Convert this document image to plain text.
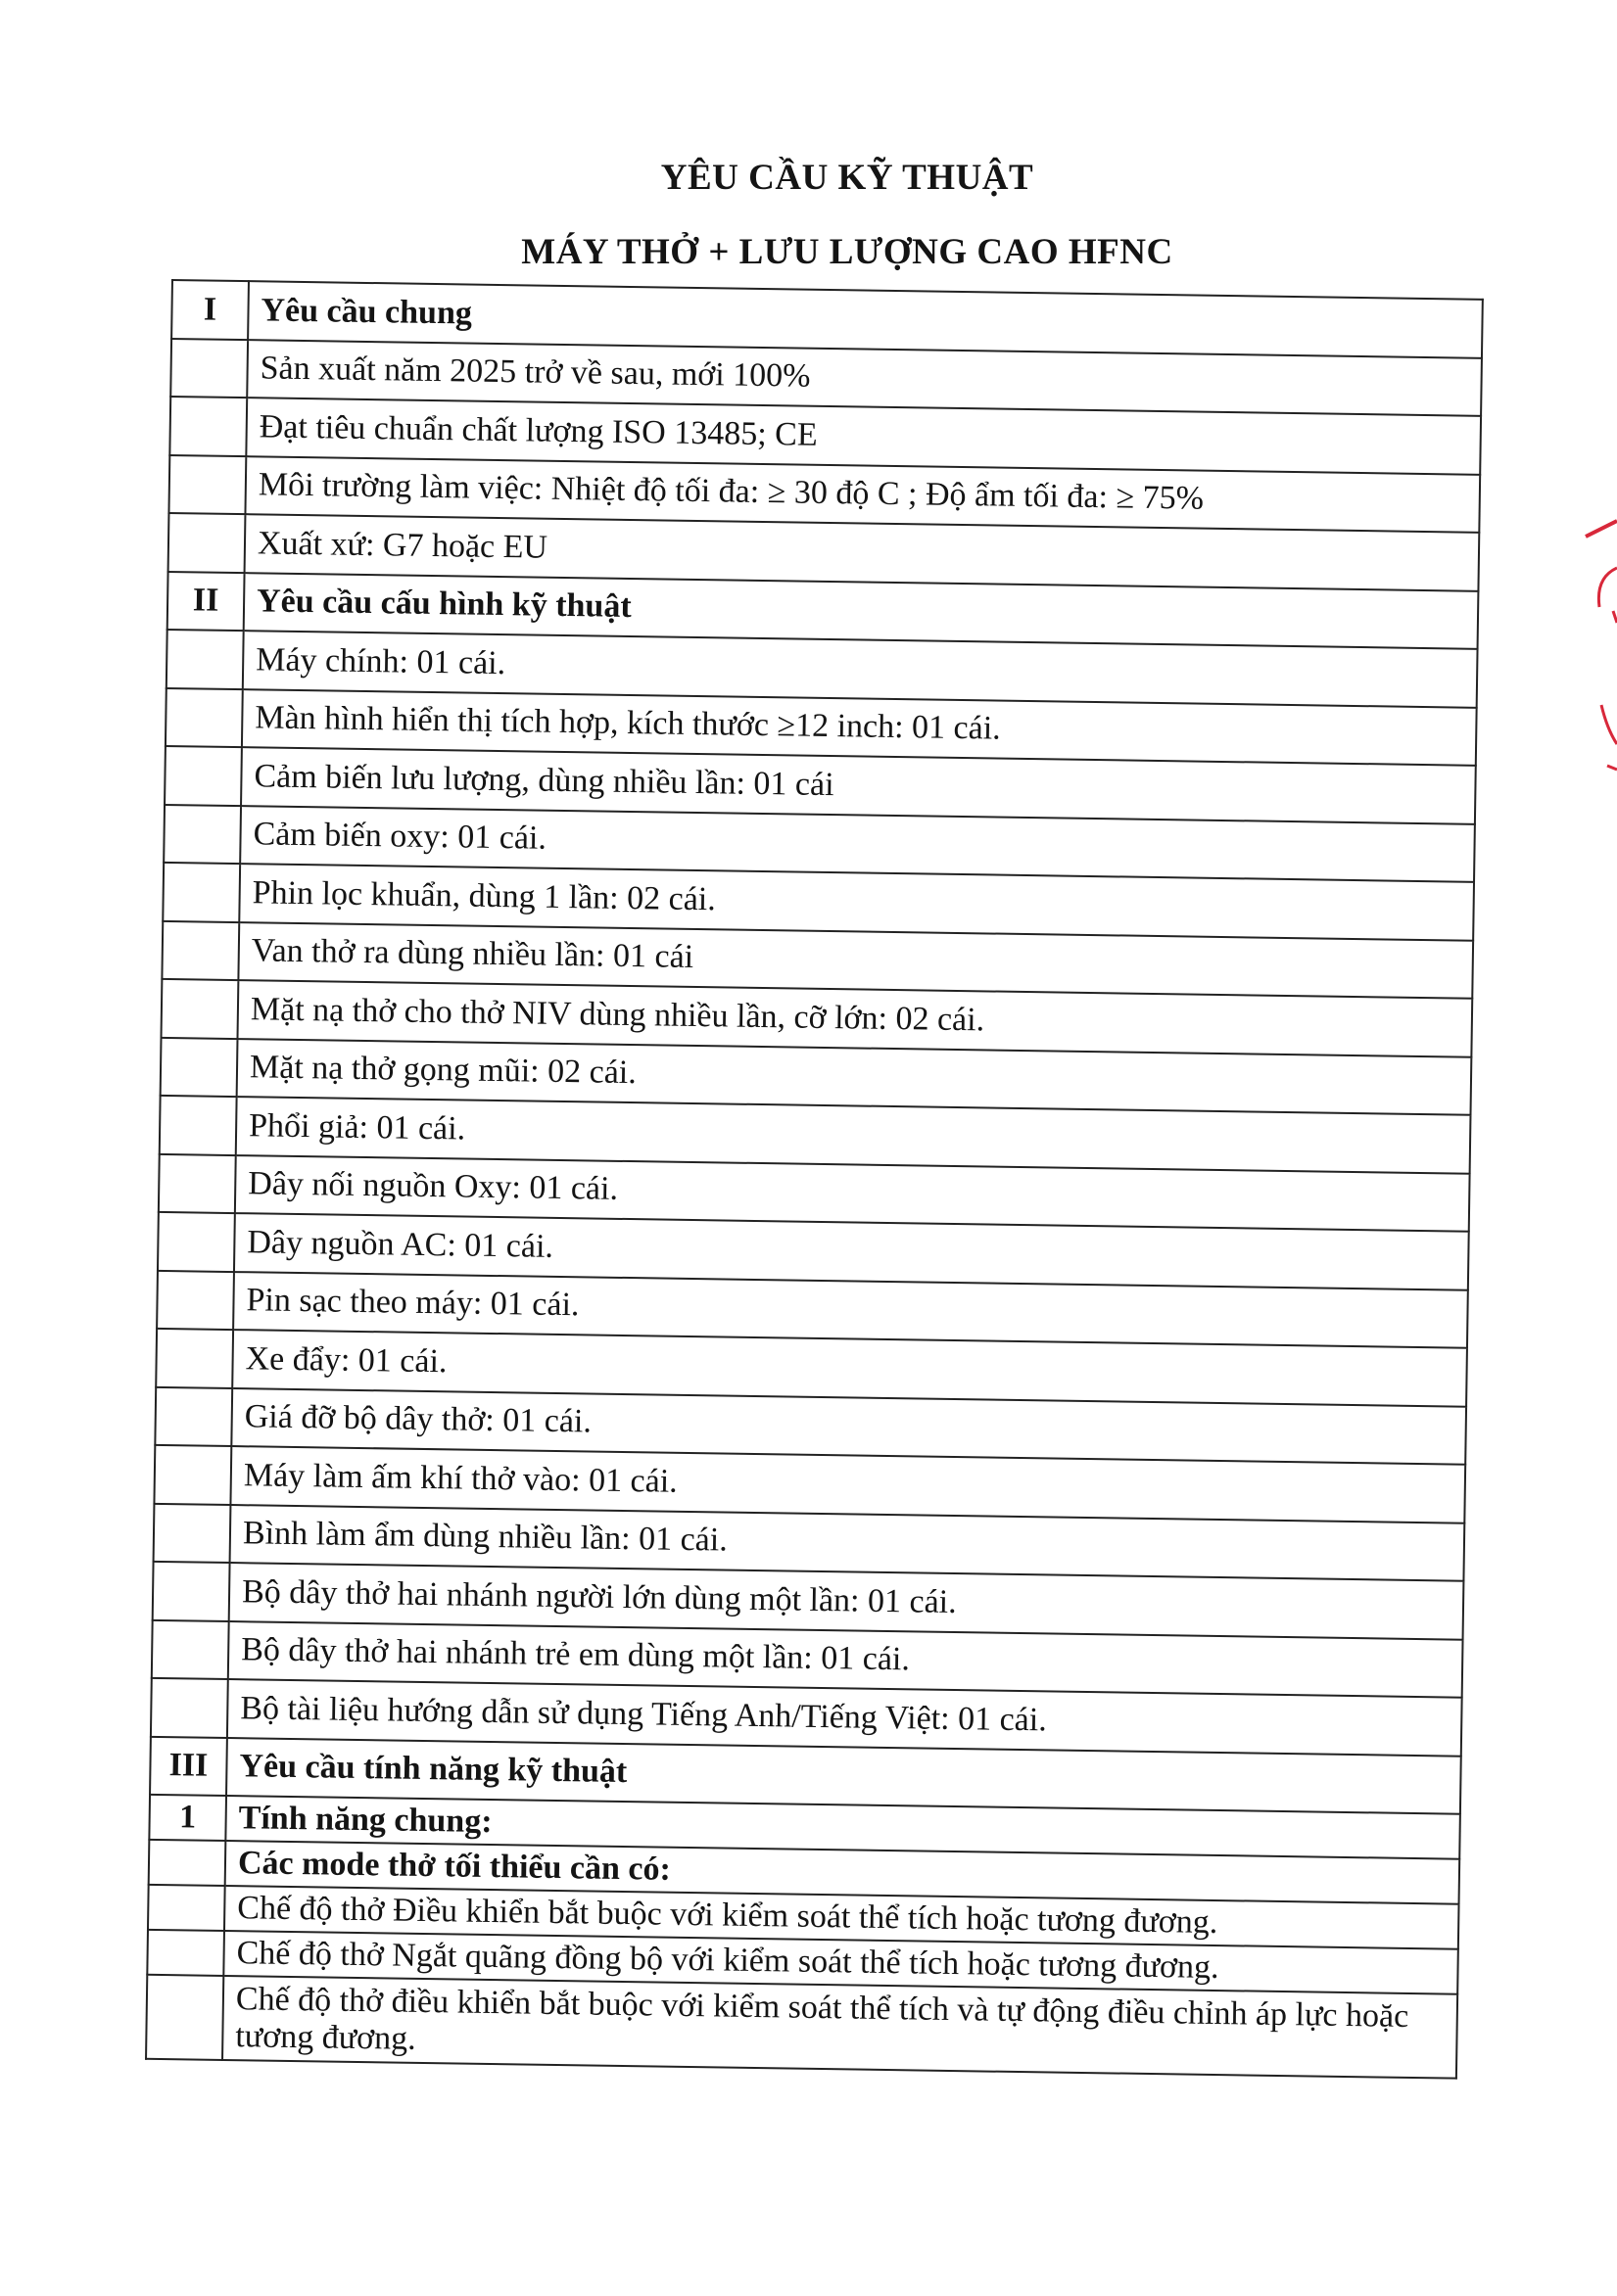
YÊU CẦU KỸ THUẬT
MÁY THỞ + LƯU LƯỢNG CAO HFNC
I	Yêu cầu chung
	Sản xuất năm 2025 trở về sau, mới 100%
	Đạt tiêu chuẩn chất lượng ISO 13485; CE
	Môi trường làm việc: Nhiệt độ tối đa: ≥ 30 độ C ; Độ ẩm tối đa: ≥ 75%
	Xuất xứ: G7 hoặc EU
II	Yêu cầu cấu hình kỹ thuật
	Máy chính: 01 cái.
	Màn hình hiển thị tích hợp, kích thước ≥12 inch: 01 cái.
	Cảm biến lưu lượng, dùng nhiều lần: 01 cái
	Cảm biến oxy: 01 cái.
	Phin lọc khuẩn, dùng 1 lần: 02 cái.
	Van thở ra dùng nhiều lần: 01 cái
	Mặt nạ thở cho thở NIV dùng nhiều lần, cỡ lớn: 02 cái.
	Mặt nạ thở gọng mũi: 02 cái.
	Phổi giả: 01 cái.
	Dây nối nguồn Oxy: 01 cái.
	Dây nguồn AC: 01 cái.
	Pin sạc theo máy: 01 cái.
	Xe đẩy: 01 cái.
	Giá đỡ bộ dây thở: 01 cái.
	Máy làm ấm khí thở vào: 01 cái.
	Bình làm ẩm dùng nhiều lần: 01 cái.
	Bộ dây thở hai nhánh người lớn dùng một lần: 01 cái.
	Bộ dây thở hai nhánh trẻ em dùng một lần: 01 cái.
	Bộ tài liệu hướng dẫn sử dụng Tiếng Anh/Tiếng Việt: 01 cái.
III	Yêu cầu tính năng kỹ thuật
1	Tính năng chung:
	Các mode thở tối thiểu cần có:
	Chế độ thở Điều khiển bắt buộc với kiểm soát thể tích hoặc tương đương.
	Chế độ thở Ngắt quãng đồng bộ với kiểm soát thể tích hoặc tương đương.
	Chế độ thở điều khiển bắt buộc với kiểm soát thể tích và tự động điều chỉnh áp lực hoặc tương đương.
